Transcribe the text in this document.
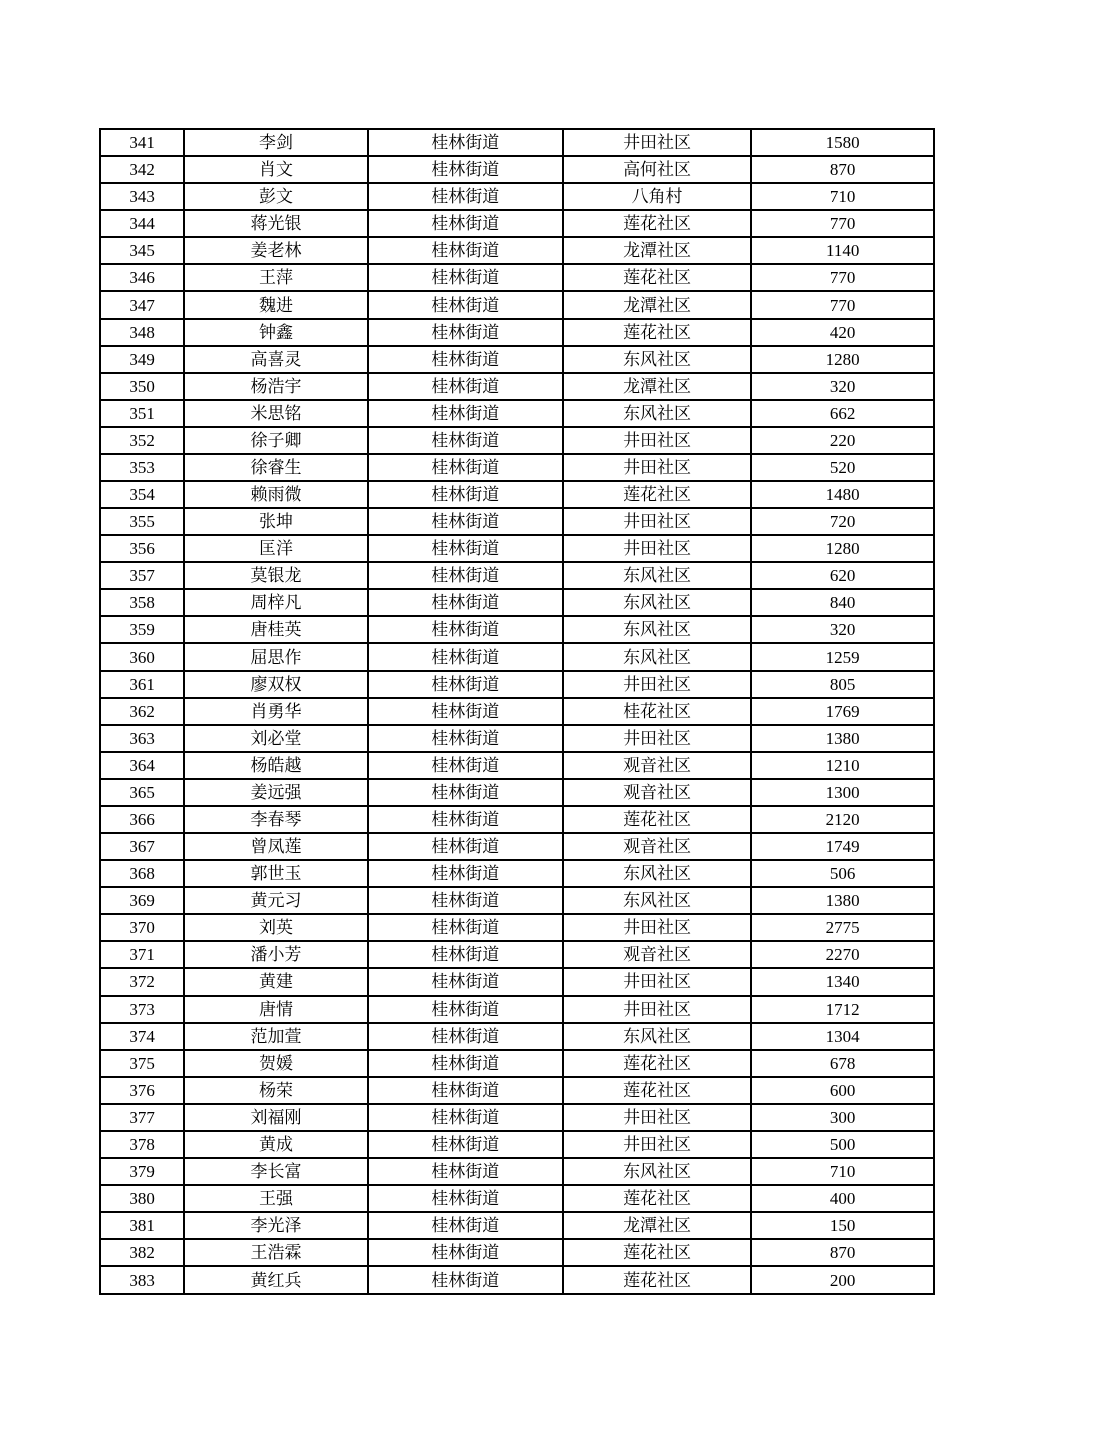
341	李剑	桂林街道	井田社区	1580
342	肖文	桂林街道	高何社区	870
343	彭文	桂林街道	八角村	710
344	蒋光银	桂林街道	莲花社区	770
345	姜老林	桂林街道	龙潭社区	1140
346	王萍	桂林街道	莲花社区	770
347	魏进	桂林街道	龙潭社区	770
348	钟鑫	桂林街道	莲花社区	420
349	高喜灵	桂林街道	东风社区	1280
350	杨浩宇	桂林街道	龙潭社区	320
351	米思铭	桂林街道	东风社区	662
352	徐子卿	桂林街道	井田社区	220
353	徐睿生	桂林街道	井田社区	520
354	赖雨微	桂林街道	莲花社区	1480
355	张坤	桂林街道	井田社区	720
356	匡洋	桂林街道	井田社区	1280
357	莫银龙	桂林街道	东风社区	620
358	周梓凡	桂林街道	东风社区	840
359	唐桂英	桂林街道	东风社区	320
360	屈思作	桂林街道	东风社区	1259
361	廖双权	桂林街道	井田社区	805
362	肖勇华	桂林街道	桂花社区	1769
363	刘必堂	桂林街道	井田社区	1380
364	杨皓越	桂林街道	观音社区	1210
365	姜远强	桂林街道	观音社区	1300
366	李春琴	桂林街道	莲花社区	2120
367	曾凤莲	桂林街道	观音社区	1749
368	郭世玉	桂林街道	东风社区	506
369	黄元习	桂林街道	东风社区	1380
370	刘英	桂林街道	井田社区	2775
371	潘小芳	桂林街道	观音社区	2270
372	黄建	桂林街道	井田社区	1340
373	唐情	桂林街道	井田社区	1712
374	范加萱	桂林街道	东风社区	1304
375	贺媛	桂林街道	莲花社区	678
376	杨荣	桂林街道	莲花社区	600
377	刘福刚	桂林街道	井田社区	300
378	黄成	桂林街道	井田社区	500
379	李长富	桂林街道	东风社区	710
380	王强	桂林街道	莲花社区	400
381	李光泽	桂林街道	龙潭社区	150
382	王浩霖	桂林街道	莲花社区	870
383	黄红兵	桂林街道	莲花社区	200
